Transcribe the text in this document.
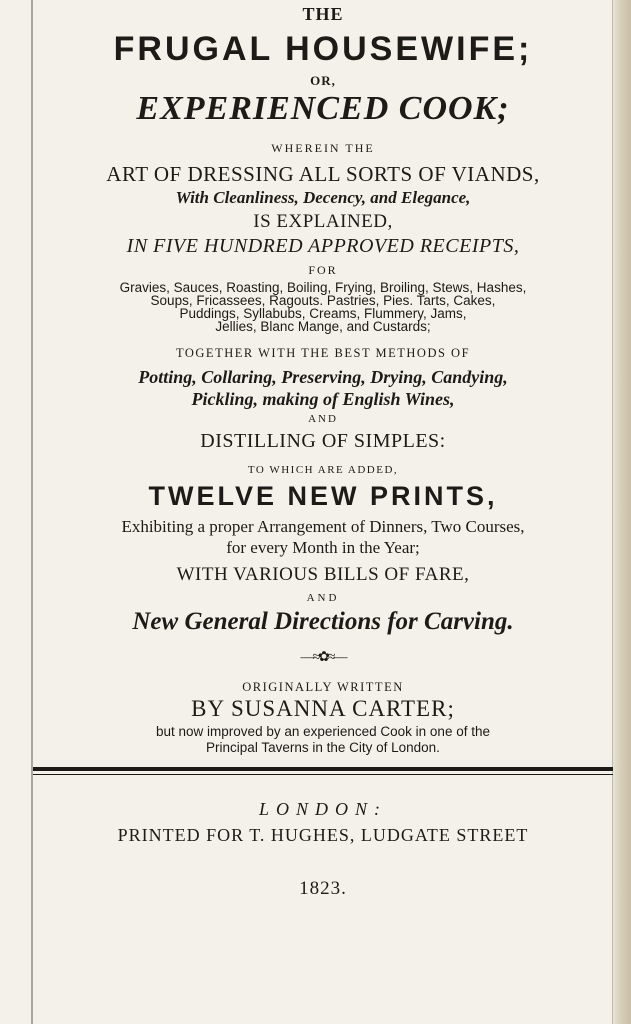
THE
FRUGAL HOUSEWIFE;
OR,
EXPERIENCED COOK;
WHEREIN THE
ART OF DRESSING ALL SORTS OF VIANDS,
With Cleanliness, Decency, and Elegance,
IS EXPLAINED,
IN FIVE HUNDRED APPROVED RECEIPTS,
FOR
Gravies, Sauces, Roasting, Boiling, Frying, Broiling, Stews, Hashes,
Soups, Fricassees, Ragouts. Pastries, Pies. Tarts, Cakes,
Puddings, Syllabubs, Creams, Flummery, Jams,
Jellies, Blanc Mange, and Custards;
TOGETHER WITH THE BEST METHODS OF
Potting, Collaring, Preserving, Drying, Candying,
Pickling, making of English Wines,
AND
DISTILLING OF SIMPLES:
TO WHICH ARE ADDED,
TWELVE NEW PRINTS,
Exhibiting a proper Arrangement of Dinners, Two Courses,
for every Month in the Year;
WITH VARIOUS BILLS OF FARE,
AND
New General Directions for Carving.
—≈✿≈—
ORIGINALLY WRITTEN
BY SUSANNA CARTER;
but now improved by an experienced Cook in one of the
Principal Taverns in the City of London.
LONDON:
PRINTED FOR T. HUGHES, LUDGATE STREET
1823.
